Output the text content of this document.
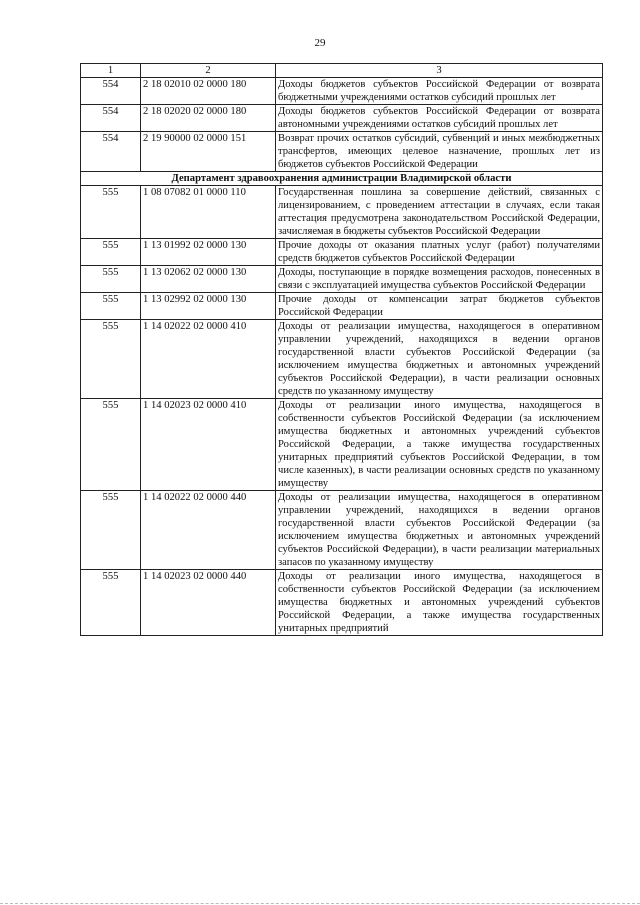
29
1	2	3
554	2 18 02010 02 0000 180	Доходы бюджетов субъектов Российской Федерации от возврата бюджетными учреждениями остатков субсидий прошлых лет
554	2 18 02020 02 0000 180	Доходы бюджетов субъектов Российской Федерации от возврата автономными учреждениями остатков субсидий прошлых лет
554	2 19 90000 02 0000 151	Возврат прочих остатков субсидий, субвенций и иных межбюджетных трансфертов, имеющих целевое назначение, прошлых лет из бюджетов субъектов Российской Федерации
Департамент здравоохранения администрации Владимирской области		
555	1 08 07082 01 0000 110	Государственная пошлина за совершение действий, связанных с лицензированием, с проведением аттестации в случаях, если такая аттестация предусмотрена законодательством Российской Федерации, зачисляемая в бюджеты субъектов Российской Федерации
555	1 13 01992 02 0000 130	Прочие доходы от оказания платных услуг (работ) получателями средств бюджетов субъектов Российской Федерации
555	1 13 02062 02 0000 130	Доходы, поступающие в порядке возмещения расходов, понесенных в связи с эксплуатацией имущества субъектов Российской Федерации
555	1 13 02992 02 0000 130	Прочие доходы от компенсации затрат бюджетов субъектов Российской Федерации
555	1 14 02022 02 0000 410	Доходы от реализации имущества, находящегося в оперативном управлении учреждений, находящихся в ведении органов государственной власти субъектов Российской Федерации (за исключением имущества бюджетных и автономных учреждений субъектов Российской Федерации), в части реализации основных средств по указанному имуществу
555	1 14 02023 02 0000 410	Доходы от реализации иного имущества, находящегося в собственности субъектов Российской Федерации (за исключением имущества бюджетных и автономных учреждений субъектов Российской Федерации, а также имущества государственных унитарных предприятий субъектов Российской Федерации, в том числе казенных), в части реализации основных средств по указанному имуществу
555	1 14 02022 02 0000 440	Доходы от реализации имущества, находящегося в оперативном управлении учреждений, находящихся в ведении органов государственной власти субъектов Российской Федерации (за исключением имущества бюджетных и автономных учреждений субъектов Российской Федерации), в части реализации материальных запасов по указанному имуществу
555	1 14 02023 02 0000 440	Доходы от реализации иного имущества, находящегося в собственности субъектов Российской Федерации (за исключением имущества бюджетных и автономных учреждений субъектов Российской Федерации, а также имущества государственных унитарных предприятий
